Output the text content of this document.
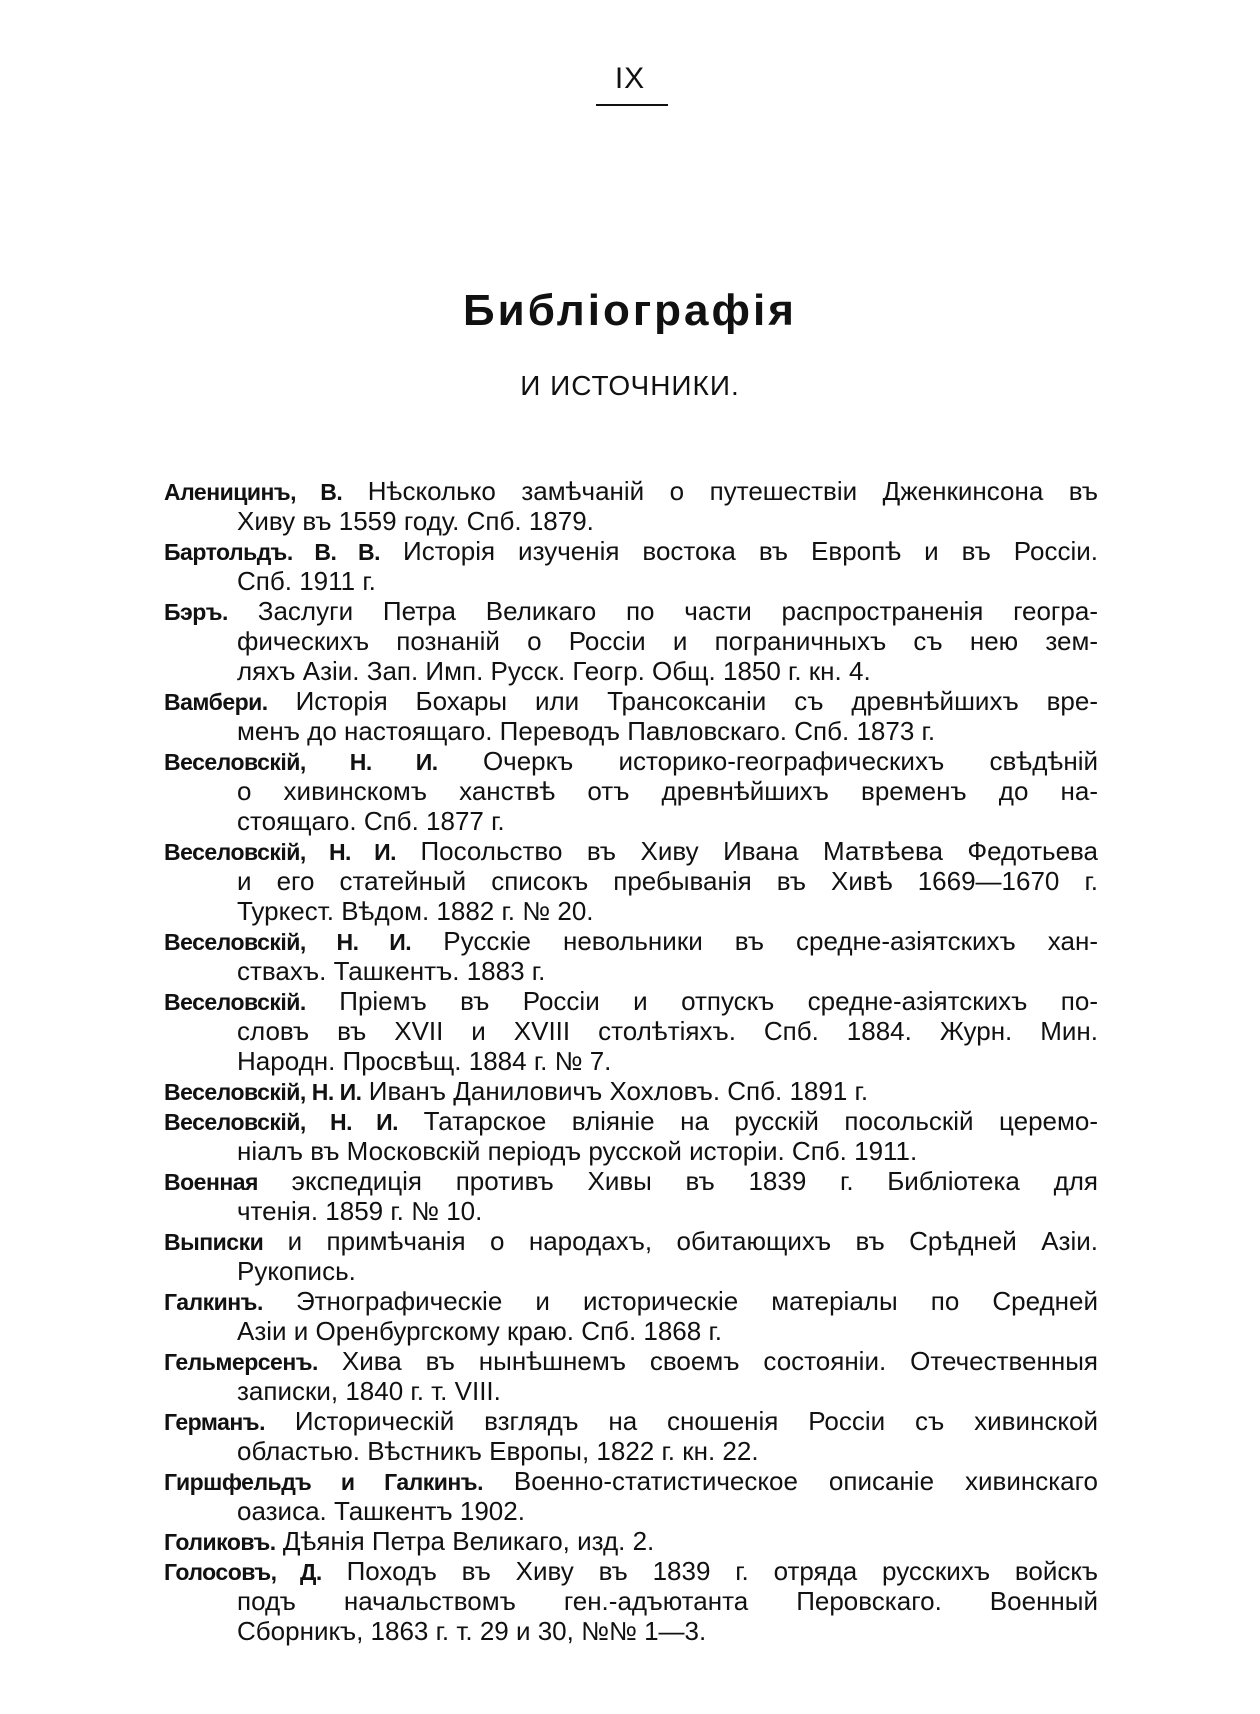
IX
Библіографія
И ИСТОЧНИКИ.
Аленицинъ, В. Нѣсколько замѣчаній о путешествіи Дженкинсона въ
Хиву въ 1559 году. Спб. 1879.
Бартольдъ. В. В. Исторія изученія востока въ Европѣ и въ Россіи.
Спб. 1911 г.
Бэръ. Заслуги Петра Великаго по части распространенія геогра-
фическихъ познаній о Россіи и пограничныхъ съ нею зем-
ляхъ Азіи. Зап. Имп. Русск. Геогр. Общ. 1850 г. кн. 4.
Вамбери. Исторія Бохары или Трансоксаніи съ древнѣйшихъ вре-
менъ до настоящаго. Переводъ Павловскаго. Спб. 1873 г.
Веселовскій, Н. И. Очеркъ историко-географическихъ свѣдѣній
о хивинскомъ ханствѣ отъ древнѣйшихъ временъ до на-
стоящаго. Спб. 1877 г.
Веселовскій, Н. И. Посольство въ Хиву Ивана Матвѣева Федотьева
и его статейный списокъ пребыванія въ Хивѣ 1669—1670 г.
Туркест. Вѣдом. 1882 г. № 20.
Веселовскій, Н. И. Русскіе невольники въ средне-азіятскихъ хан-
ствахъ. Ташкентъ. 1883 г.
Веселовскій. Пріемъ въ Россіи и отпускъ средне-азіятскихъ по-
словъ въ XVII и XVIII столѣтіяхъ. Спб. 1884. Журн. Мин.
Народн. Просвѣщ. 1884 г. № 7.
Веселовскій, Н. И. Иванъ Даниловичъ Хохловъ. Спб. 1891 г.
Веселовскій, Н. И. Татарское вліяніе на русскій посольскій церемо-
ніалъ въ Московскій періодъ русской исторіи. Спб. 1911.
Военная экспедиція противъ Хивы въ 1839 г. Библіотека для
чтенія. 1859 г. № 10.
Выписки и примѣчанія о народахъ, обитающихъ въ Срѣдней Азіи.
Рукопись.
Галкинъ. Этнографическіе и историческіе матеріалы по Средней
Азіи и Оренбургскому краю. Спб. 1868 г.
Гельмерсенъ. Хива въ нынѣшнемъ своемъ состояніи. Отечественныя
записки, 1840 г. т. VIII.
Германъ. Историческій взглядъ на сношенія Россіи съ хивинской
областью. Вѣстникъ Европы, 1822 г. кн. 22.
Гиршфельдъ и Галкинъ. Военно-статистическое описаніе хивинскаго
оазиса. Ташкентъ 1902.
Голиковъ. Дѣянія Петра Великаго, изд. 2.
Голосовъ, Д. Походъ въ Хиву въ 1839 г. отряда русскихъ войскъ
подъ начальствомъ ген.-адъютанта Перовскаго. Военный
Сборникъ, 1863 г. т. 29 и 30, №№ 1—3.
